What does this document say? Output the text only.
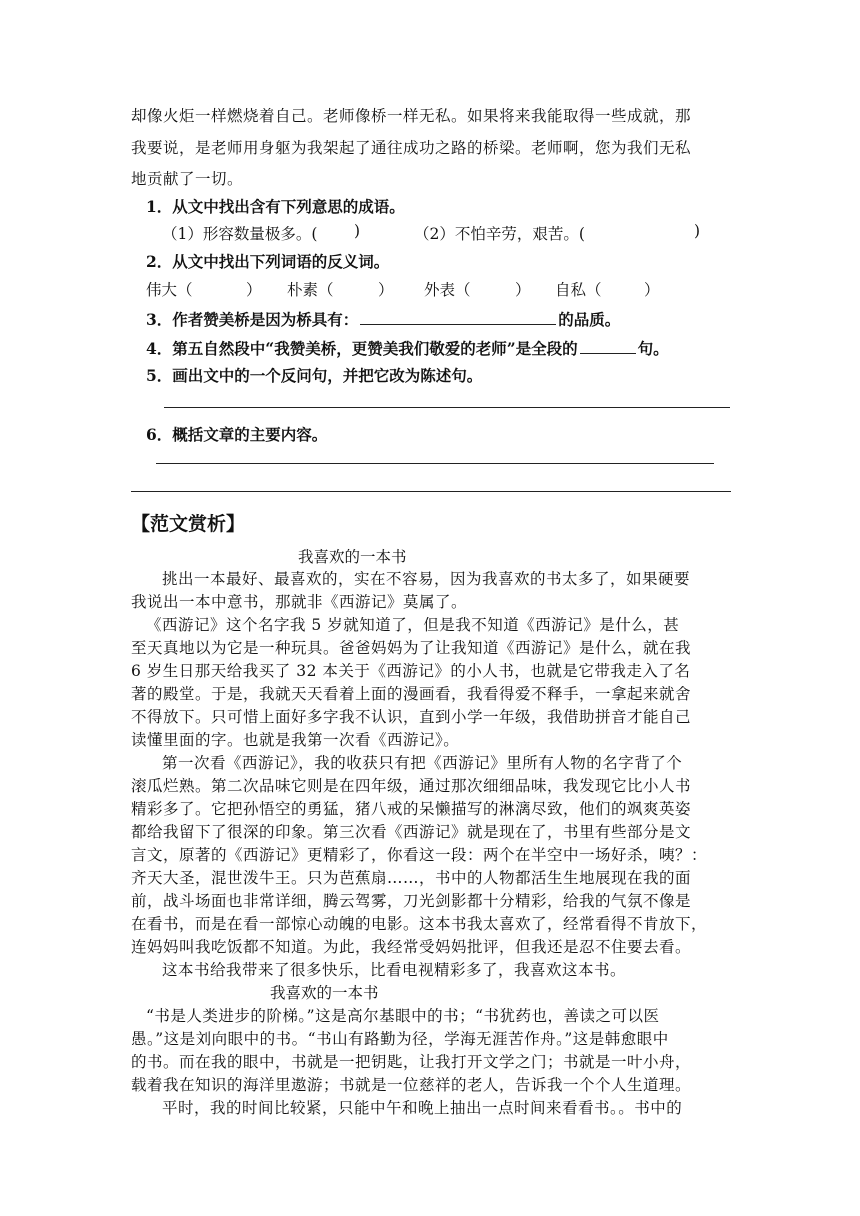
却像火炬一样燃烧着自己。老师像桥一样无私。如果将来我能取得一些成就，那
我要说，是老师用身躯为我架起了通往成功之路的桥梁。老师啊，您为我们无私
地贡献了一切。
1．从文中找出含有下列意思的成语。
（1）形容数量极多。( )	（2）不怕辛劳，艰苦。(	)
2．从文中找出下列词语的反义词。
伟大（	） 朴素（	） 外表（	） 自私（	）
3．作者赞美桥是因为桥具有：	的品质。
4．第五自然段中“我赞美桥，更赞美我们敬爱的老师”是全段的	句。
5．画出文中的一个反问句，并把它改为陈述句。
6．概括文章的主要内容。
【范文赏析】
我喜欢的一本书
挑出一本最好、最喜欢的，实在不容易，因为我喜欢的书太多了，如果硬要
我说出一本中意书，那就非《西游记》莫属了。
《西游记》这个名字我 5 岁就知道了，但是我不知道《西游记》是什么，甚
至天真地以为它是一种玩具。爸爸妈妈为了让我知道《西游记》是什么，就在我
6 岁生日那天给我买了 32 本关于《西游记》的小人书，也就是它带我走入了名
著的殿堂。于是，我就天天看着上面的漫画看，我看得爱不释手，一拿起来就舍
不得放下。只可惜上面好多字我不认识，直到小学一年级，我借助拼音才能自己
读懂里面的字。也就是我第一次看《西游记》。
第一次看《西游记》，我的收获只有把《西游记》里所有人物的名字背了个
滚瓜烂熟。第二次品味它则是在四年级，通过那次细细品味，我发现它比小人书
精彩多了。它把孙悟空的勇猛，猪八戒的呆懒描写的淋漓尽致，他们的飒爽英姿
都给我留下了很深的印象。第三次看《西游记》就是现在了，书里有些部分是文
言文，原著的《西游记》更精彩了，你看这一段：两个在半空中一场好杀，咦？：
齐天大圣，混世泼牛王。只为芭蕉扇……，书中的人物都活生生地展现在我的面
前，战斗场面也非常详细，腾云驾雾，刀光剑影都十分精彩，给我的气氛不像是
在看书，而是在看一部惊心动魄的电影。这本书我太喜欢了，经常看得不肯放下，
连妈妈叫我吃饭都不知道。为此，我经常受妈妈批评，但我还是忍不住要去看。
这本书给我带来了很多快乐，比看电视精彩多了，我喜欢这本书。
我喜欢的一本书
“书是人类进步的阶梯。”这是高尔基眼中的书；“书犹药也，善读之可以医
愚。”这是刘向眼中的书。“书山有路勤为径，学海无涯苦作舟。”这是韩愈眼中
的书。而在我的眼中，书就是一把钥匙，让我打开文学之门；书就是一叶小舟，
载着我在知识的海洋里遨游；书就是一位慈祥的老人，告诉我一个个人生道理。
平时，我的时间比较紧，只能中午和晚上抽出一点时间来看看书。。书中的
